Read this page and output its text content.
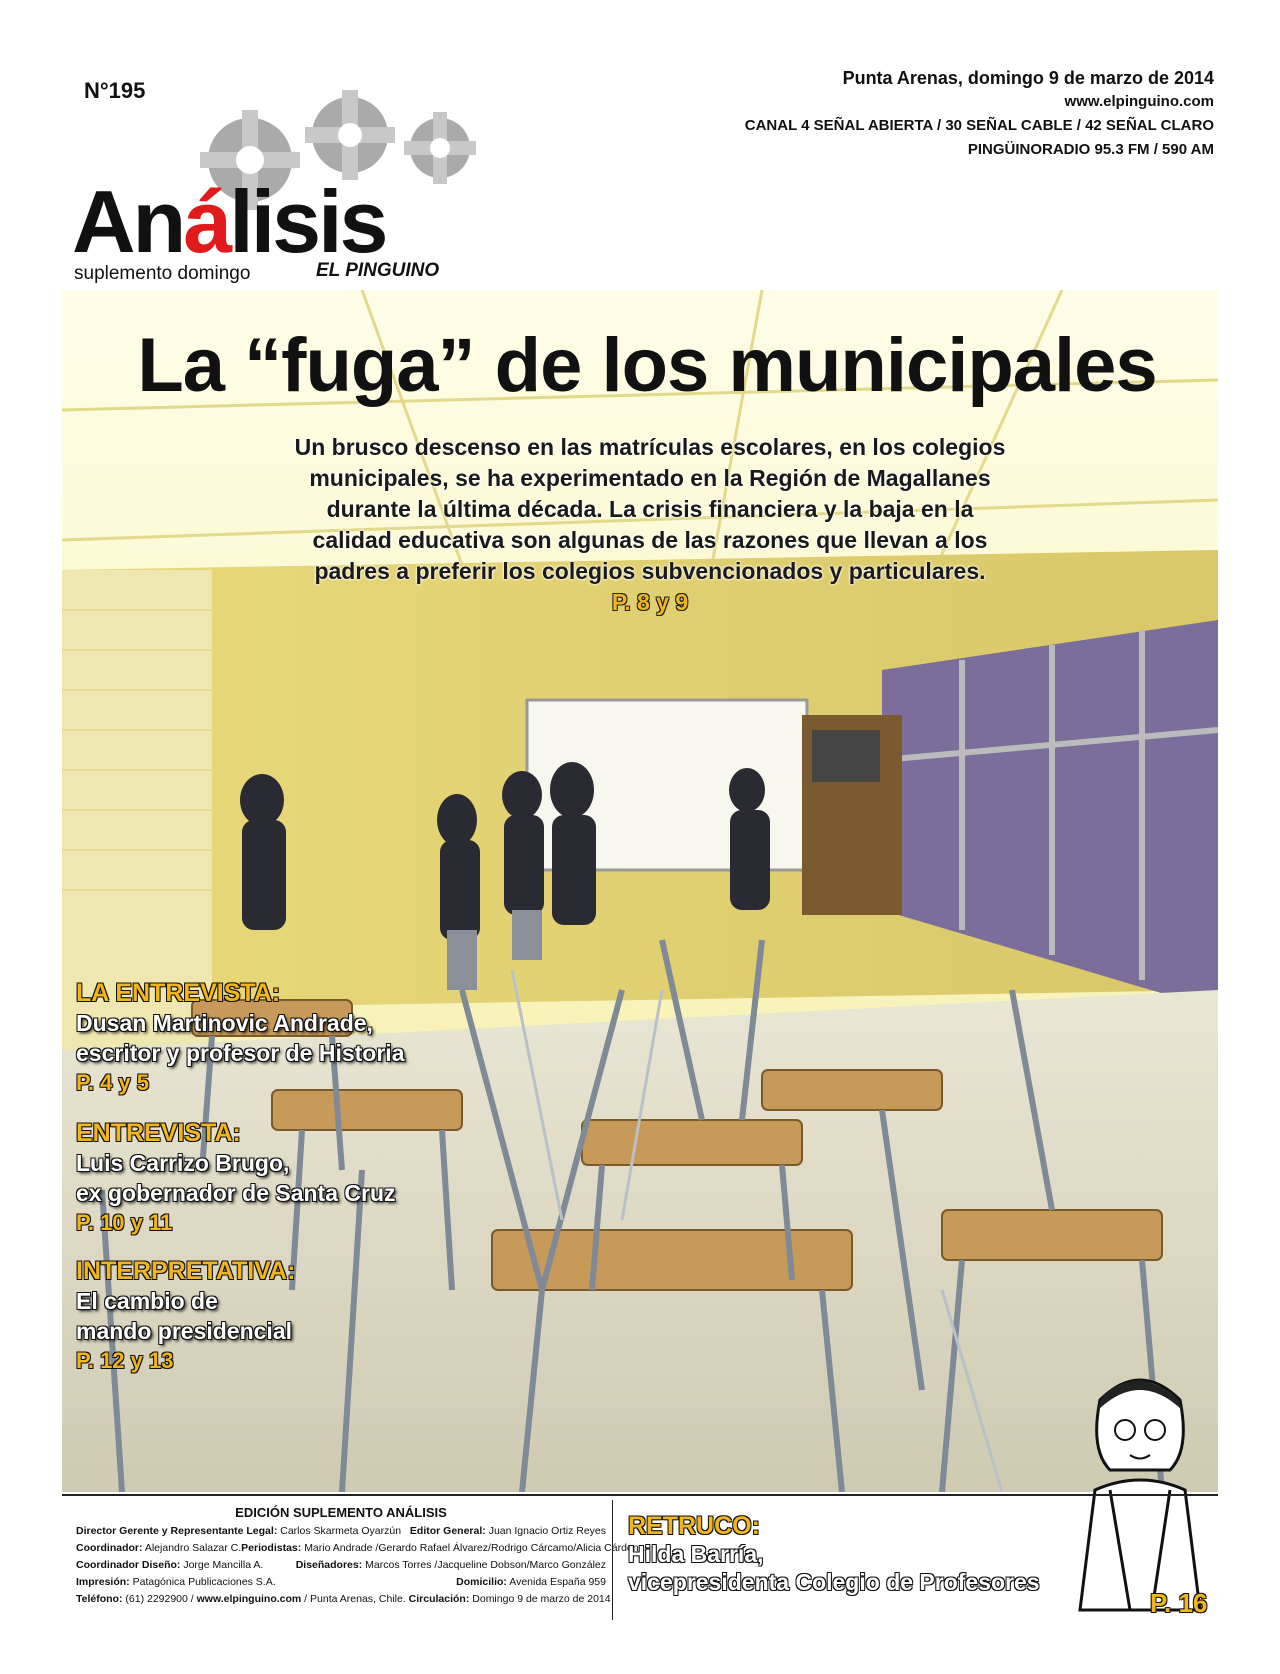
N°195
Análisis
suplemento domingo	EL PINGUINO
Punta Arenas, domingo 9 de marzo de 2014
www.elpinguino.com
CANAL 4 SEÑAL ABIERTA / 30 SEÑAL CABLE / 42 SEÑAL CLARO
PINGÜINORADIO 95.3 FM / 590 AM
La “fuga” de los municipales
Un brusco descenso en las matrículas escolares, en los colegios municipales, se ha experimentado en la Región de Magallanes durante la última década. La crisis financiera y la baja en la calidad educativa son algunas de las razones que llevan a los padres a preferir los colegios subvencionados y particulares.
P. 8 y 9
LA ENTREVISTA:
Dusan Martinovic Andrade,
escritor y profesor de Historia
P. 4 y 5
ENTREVISTA:
Luis Carrizo Brugo,
ex gobernador de Santa Cruz
P. 10 y 11
INTERPRETATIVA:
El cambio de
mando presidencial
P. 12 y 13
EDICIÓN SUPLEMENTO ANÁLISIS
Director Gerente y Representante Legal: Carlos Skarmeta Oyarzún Editor General: Juan Ignacio Ortiz Reyes
Coordinador: Alejandro Salazar C. Periodistas: Mario Andrade /Gerardo Rafael Álvarez/Rodrigo Cárcamo/Alicia Cárdenas
Coordinador Diseño: Jorge Mancilla A.	Diseñadores: Marcos Torres /Jacqueline Dobson/Marco González
Impresión: Patagónica Publicaciones S.A.	Domicilio: Avenida España 959
Teléfono: (61) 2292900 / www.elpinguino.com / Punta Arenas, Chile. Circulación: Domingo 9 de marzo de 2014
RETRUCO:
Hilda Barría,
vicepresidenta Colegio de Profesores
P. 16
